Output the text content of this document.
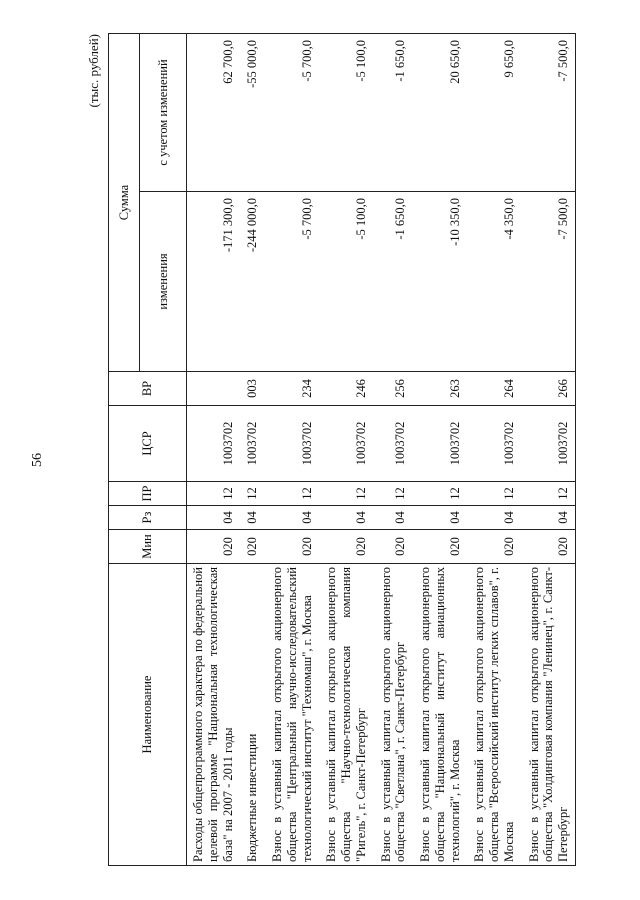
56
(тыс. рублей)
Наименование	Мин	Рз	ПР	ЦСР	ВР	Сумма	
						изменения	с учетом изменений
Расходы общепрограммного характера по федеральной целевой программе "Национальная технологическая база" на 2007 - 2011 годы	020	04	12	1003702		-171 300,0	62 700,0
Бюджетные инвестиции	020	04	12	1003702	003	-244 000,0	-55 000,0
Взнос в уставный капитал открытого акционерного общества "Центральный научно-исследовательский технологический институт "Техномаш", г. Москва	020	04	12	1003702	234	-5 700,0	-5 700,0
Взнос в уставный капитал открытого акционерного общества "Научно-технологическая компания "Ригель", г. Санкт-Петербург	020	04	12	1003702	246	-5 100,0	-5 100,0
Взнос в уставный капитал открытого акционерного общества "Светлана", г. Санкт-Петербург	020	04	12	1003702	256	-1 650,0	-1 650,0
Взнос в уставный капитал открытого акционерного общества "Национальный институт авиационных технологий", г. Москва	020	04	12	1003702	263	-10 350,0	20 650,0
Взнос в уставный капитал открытого акционерного общества "Всероссийский институт легких сплавов", г. Москва	020	04	12	1003702	264	-4 350,0	9 650,0
Взнос в уставный капитал открытого акционерного общества "Холдинговая компания "Ленинец", г. Санкт-Петербург	020	04	12	1003702	266	-7 500,0	-7 500,0
